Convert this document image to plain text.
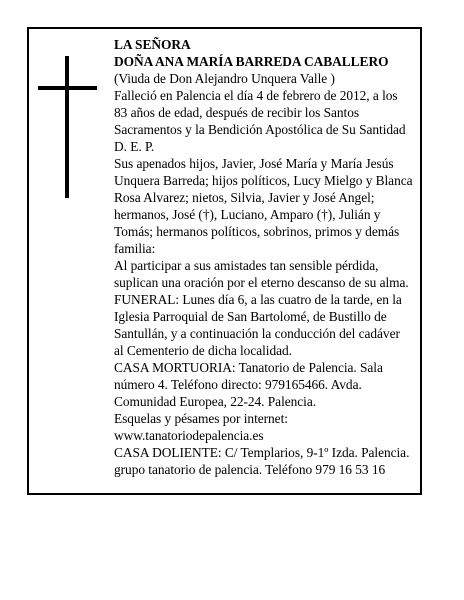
LA SEÑORA

DOÑA ANA MARÍA BARREDA CABALLERO

(Viuda de Don Alejandro Unquera Valle )

Falleció en Palencia el día 4 de febrero de 2012, a los

83 años de edad, después de recibir los Santos

Sacramentos y la Bendición Apostólica de Su Santidad

D. E. P.

Sus apenados hijos, Javier, José María y María Jesús

Unquera Barreda; hijos políticos, Lucy Mielgo y Blanca

Rosa Alvarez; nietos, Silvia, Javier y José Angel;

hermanos, José (†), Luciano, Amparo (†), Julián y

Tomás; hermanos políticos, sobrinos, primos y demás

familia:

Al participar a sus amistades tan sensible pérdida,

suplican una oración por el eterno descanso de su alma.

FUNERAL: Lunes día 6, a las cuatro de la tarde, en la

Iglesia Parroquial de San Bartolomé, de Bustillo de

Santullán, y a continuación la conducción del cadáver

al Cementerio de dicha localidad.

CASA MORTUORIA: Tanatorio de Palencia. Sala

número 4. Teléfono directo: 979165466. Avda.

Comunidad Europea, 22-24. Palencia.

Esquelas y pésames por internet:

www.tanatoriodepalencia.es

CASA DOLIENTE: C/ Templarios, 9-1º Izda. Palencia.

grupo tanatorio de palencia. Teléfono 979 16 53 16
